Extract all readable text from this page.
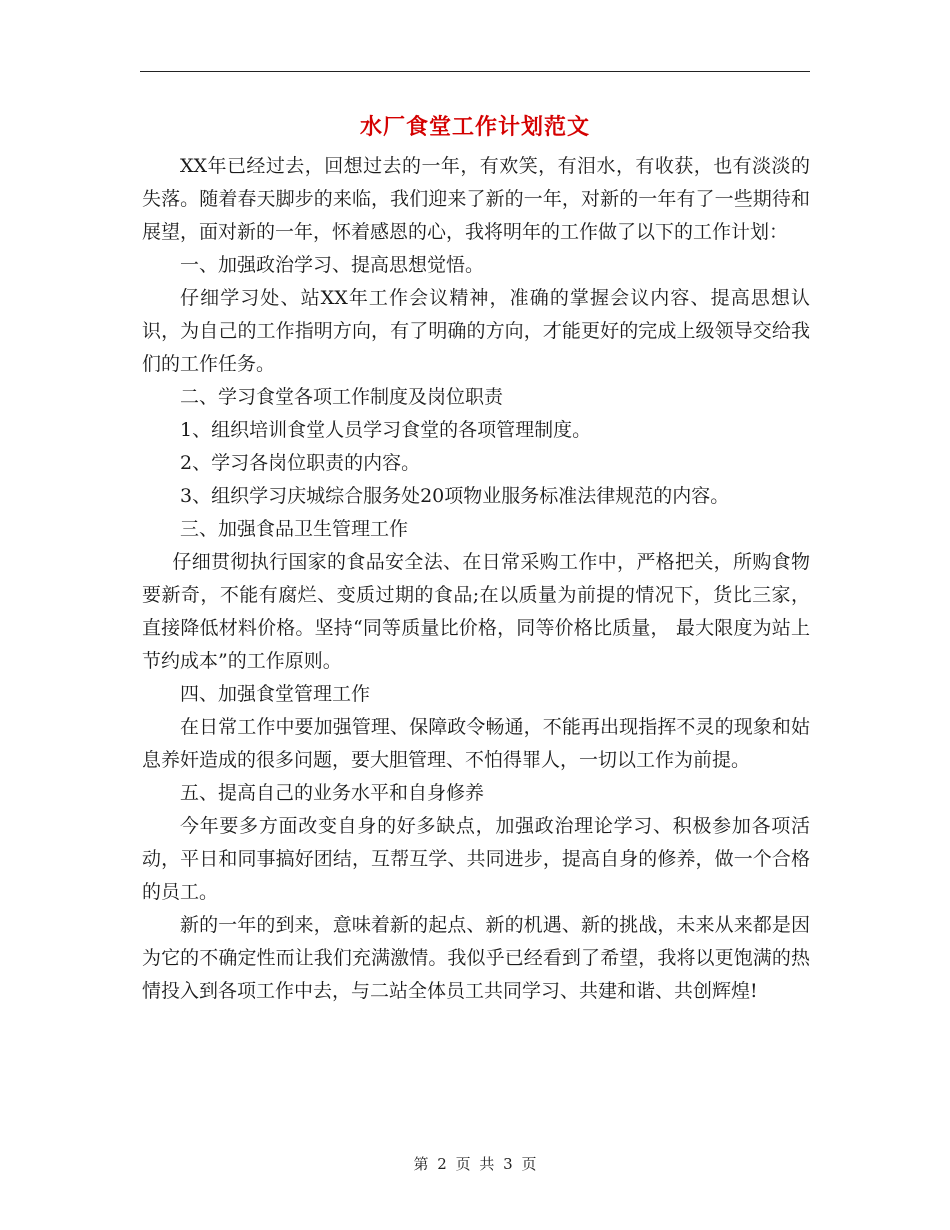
水厂食堂工作计划范文

XX年已经过去，回想过去的一年，有欢笑，有泪水，有收获，也有淡淡的失落。随着春天脚步的来临，我们迎来了新的一年，对新的一年有了一些期待和展望，面对新的一年，怀着感恩的心，我将明年的工作做了以下的工作计划：

一、加强政治学习、提高思想觉悟。

仔细学习处、站XX年工作会议精神，准确的掌握会议内容、提高思想认识，为自己的工作指明方向，有了明确的方向，才能更好的完成上级领导交给我们的工作任务。

二、学习食堂各项工作制度及岗位职责

1、组织培训食堂人员学习食堂的各项管理制度。

2、学习各岗位职责的内容。

3、组织学习庆城综合服务处20项物业服务标准法律规范的内容。

三、加强食品卫生管理工作

仔细贯彻执行国家的食品安全法、在日常采购工作中，严格把关，所购食物要新奇，不能有腐烂、变质过期的食品;在以质量为前提的情况下，货比三家，直接降低材料价格。坚持“同等质量比价格，同等价格比质量， 最大限度为站上节约成本”的工作原则。

四、加强食堂管理工作

在日常工作中要加强管理、保障政令畅通，不能再出现指挥不灵的现象和姑息养奸造成的很多问题，要大胆管理、不怕得罪人，一切以工作为前提。

五、提高自己的业务水平和自身修养

今年要多方面改变自身的好多缺点，加强政治理论学习、积极参加各项活动，平日和同事搞好团结，互帮互学、共同进步，提高自身的修养，做一个合格的员工。

新的一年的到来，意味着新的起点、新的机遇、新的挑战，未来从来都是因为它的不确定性而让我们充满激情。我似乎已经看到了希望，我将以更饱满的热情投入到各项工作中去，与二站全体员工共同学习、共建和谐、共创辉煌!

第 2 页 共 3 页
